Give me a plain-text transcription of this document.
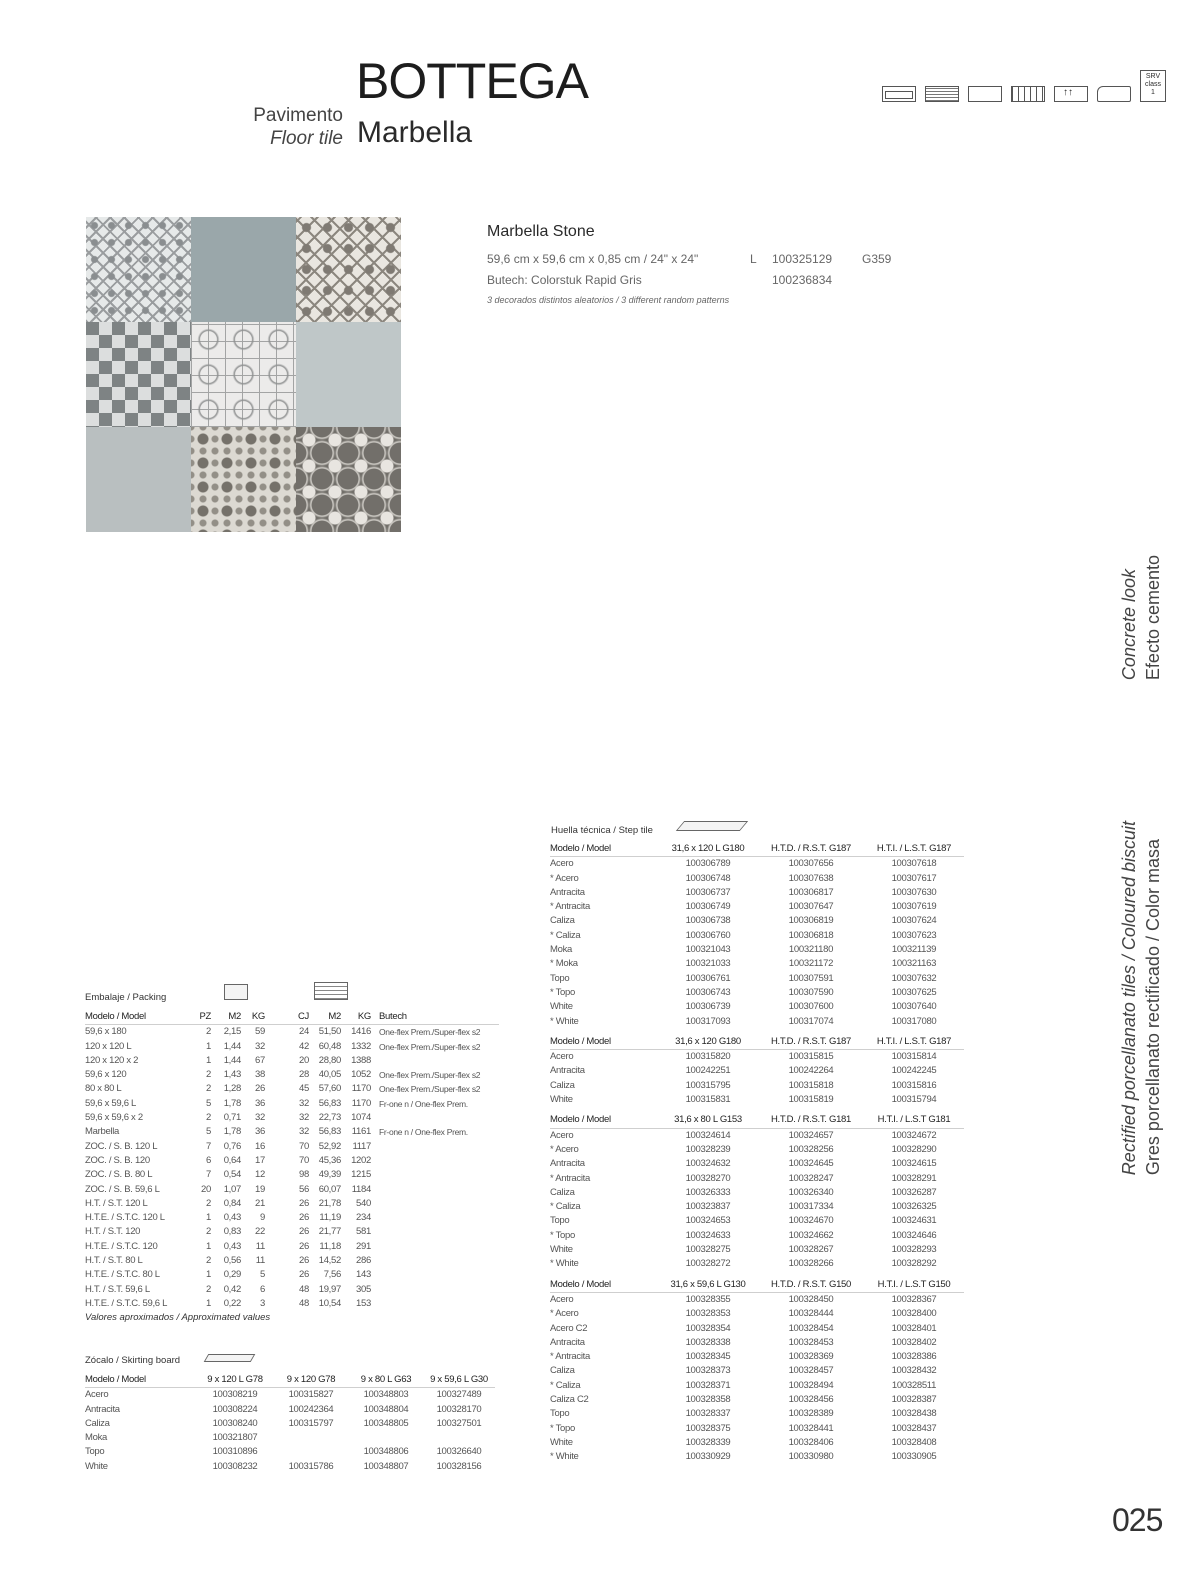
BOTTEGA
Pavimento
Floor tile Marbella
↑↑
SRV
class
1
Marbella Stone
59,6 cm x 59,6 cm x 0,85 cm / 24" x 24"	L	100325129	G359
Butech: Colorstuk Rapid Gris	100236834
3 decorados distintos aleatorios / 3 different random patterns
Efecto cemento
Concrete look
Gres porcellanato rectificado / Color masa
Rectified porcellanato tiles / Coloured biscuit
025
Embalaje / Packing
Modelo / Model	PZ	M2	KG	CJ	M2	KG	Butech
59,6 x 180	2	2,15	59	24	51,50	1416	One-flex Prem./Super-flex s2
120 x 120 L	1	1,44	32	42	60,48	1332	One-flex Prem./Super-flex s2
120 x 120 x 2	1	1,44	67	20	28,80	1388	
59,6 x 120	2	1,43	38	28	40,05	1052	One-flex Prem./Super-flex s2
80 x 80 L	2	1,28	26	45	57,60	1170	One-flex Prem./Super-flex s2
59,6 x 59,6 L	5	1,78	36	32	56,83	1170	Fr-one n / One-flex Prem.
59,6 x 59,6 x 2	2	0,71	32	32	22,73	1074	
Marbella	5	1,78	36	32	56,83	1161	Fr-one n / One-flex Prem.
ZOC. / S. B. 120 L	7	0,76	16	70	52,92	1117	
ZOC. / S. B. 120	6	0,64	17	70	45,36	1202	
ZOC. / S. B. 80 L	7	0,54	12	98	49,39	1215	
ZOC. / S. B. 59,6 L	20	1,07	19	56	60,07	1184	
H.T. / S.T. 120 L	2	0,84	21	26	21,78	540	
H.T.E. / S.T.C. 120 L	1	0,43	9	26	11,19	234	
H.T. / S.T. 120	2	0,83	22	26	21,77	581	
H.T.E. / S.T.C. 120	1	0,43	11	26	11,18	291	
H.T. / S.T. 80 L	2	0,56	11	26	14,52	286	
H.T.E. / S.T.C. 80 L	1	0,29	5	26	7,56	143	
H.T. / S.T. 59,6 L	2	0,42	6	48	19,97	305	
H.T.E. / S.T.C. 59,6 L	1	0,22	3	48	10,54	153	
Valores aproximados / Approximated values
Zócalo / Skirting board
Modelo / Model	9 x 120 L G78	9 x 120 G78	9 x 80 L G63	9 x 59,6 L G30
Acero	100308219	100315827	100348803	100327489
Antracita	100308224	100242364	100348804	100328170
Caliza	100308240	100315797	100348805	100327501
Moka	100321807			
Topo	100310896		100348806	100326640
White	100308232	100315786	100348807	100328156
Huella técnica / Step tile
Modelo / Model	31,6 x 120 L G180	H.T.D. / R.S.T. G187	H.T.I. / L.S.T. G187
Acero	100306789	100307656	100307618
* Acero	100306748	100307638	100307617
Antracita	100306737	100306817	100307630
* Antracita	100306749	100307647	100307619
Caliza	100306738	100306819	100307624
* Caliza	100306760	100306818	100307623
Moka	100321043	100321180	100321139
* Moka	100321033	100321172	100321163
Topo	100306761	100307591	100307632
* Topo	100306743	100307590	100307625
White	100306739	100307600	100307640
* White	100317093	100317074	100317080

Modelo / Model	31,6 x 120 G180	H.T.D. / R.S.T. G187	H.T.I. / L.S.T. G187
Acero	100315820	100315815	100315814
Antracita	100242251	100242264	100242245
Caliza	100315795	100315818	100315816
White	100315831	100315819	100315794

Modelo / Model	31,6 x 80 L G153	H.T.D. / R.S.T. G181	H.T.I. / L.S.T G181
Acero	100324614	100324657	100324672
* Acero	100328239	100328256	100328290
Antracita	100324632	100324645	100324615
* Antracita	100328270	100328247	100328291
Caliza	100326333	100326340	100326287
* Caliza	100323837	100317334	100326325
Topo	100324653	100324670	100324631
* Topo	100324633	100324662	100324646
White	100328275	100328267	100328293
* White	100328272	100328266	100328292

Modelo / Model	31,6 x 59,6 L G130	H.T.D. / R.S.T. G150	H.T.I. / L.S.T G150
Acero	100328355	100328450	100328367
* Acero	100328353	100328444	100328400
Acero C2	100328354	100328454	100328401
Antracita	100328338	100328453	100328402
* Antracita	100328345	100328369	100328386
Caliza	100328373	100328457	100328432
* Caliza	100328371	100328494	100328511
Caliza C2	100328358	100328456	100328387
Topo	100328337	100328389	100328438
* Topo	100328375	100328441	100328437
White	100328339	100328406	100328408
* White	100330929	100330980	100330905
